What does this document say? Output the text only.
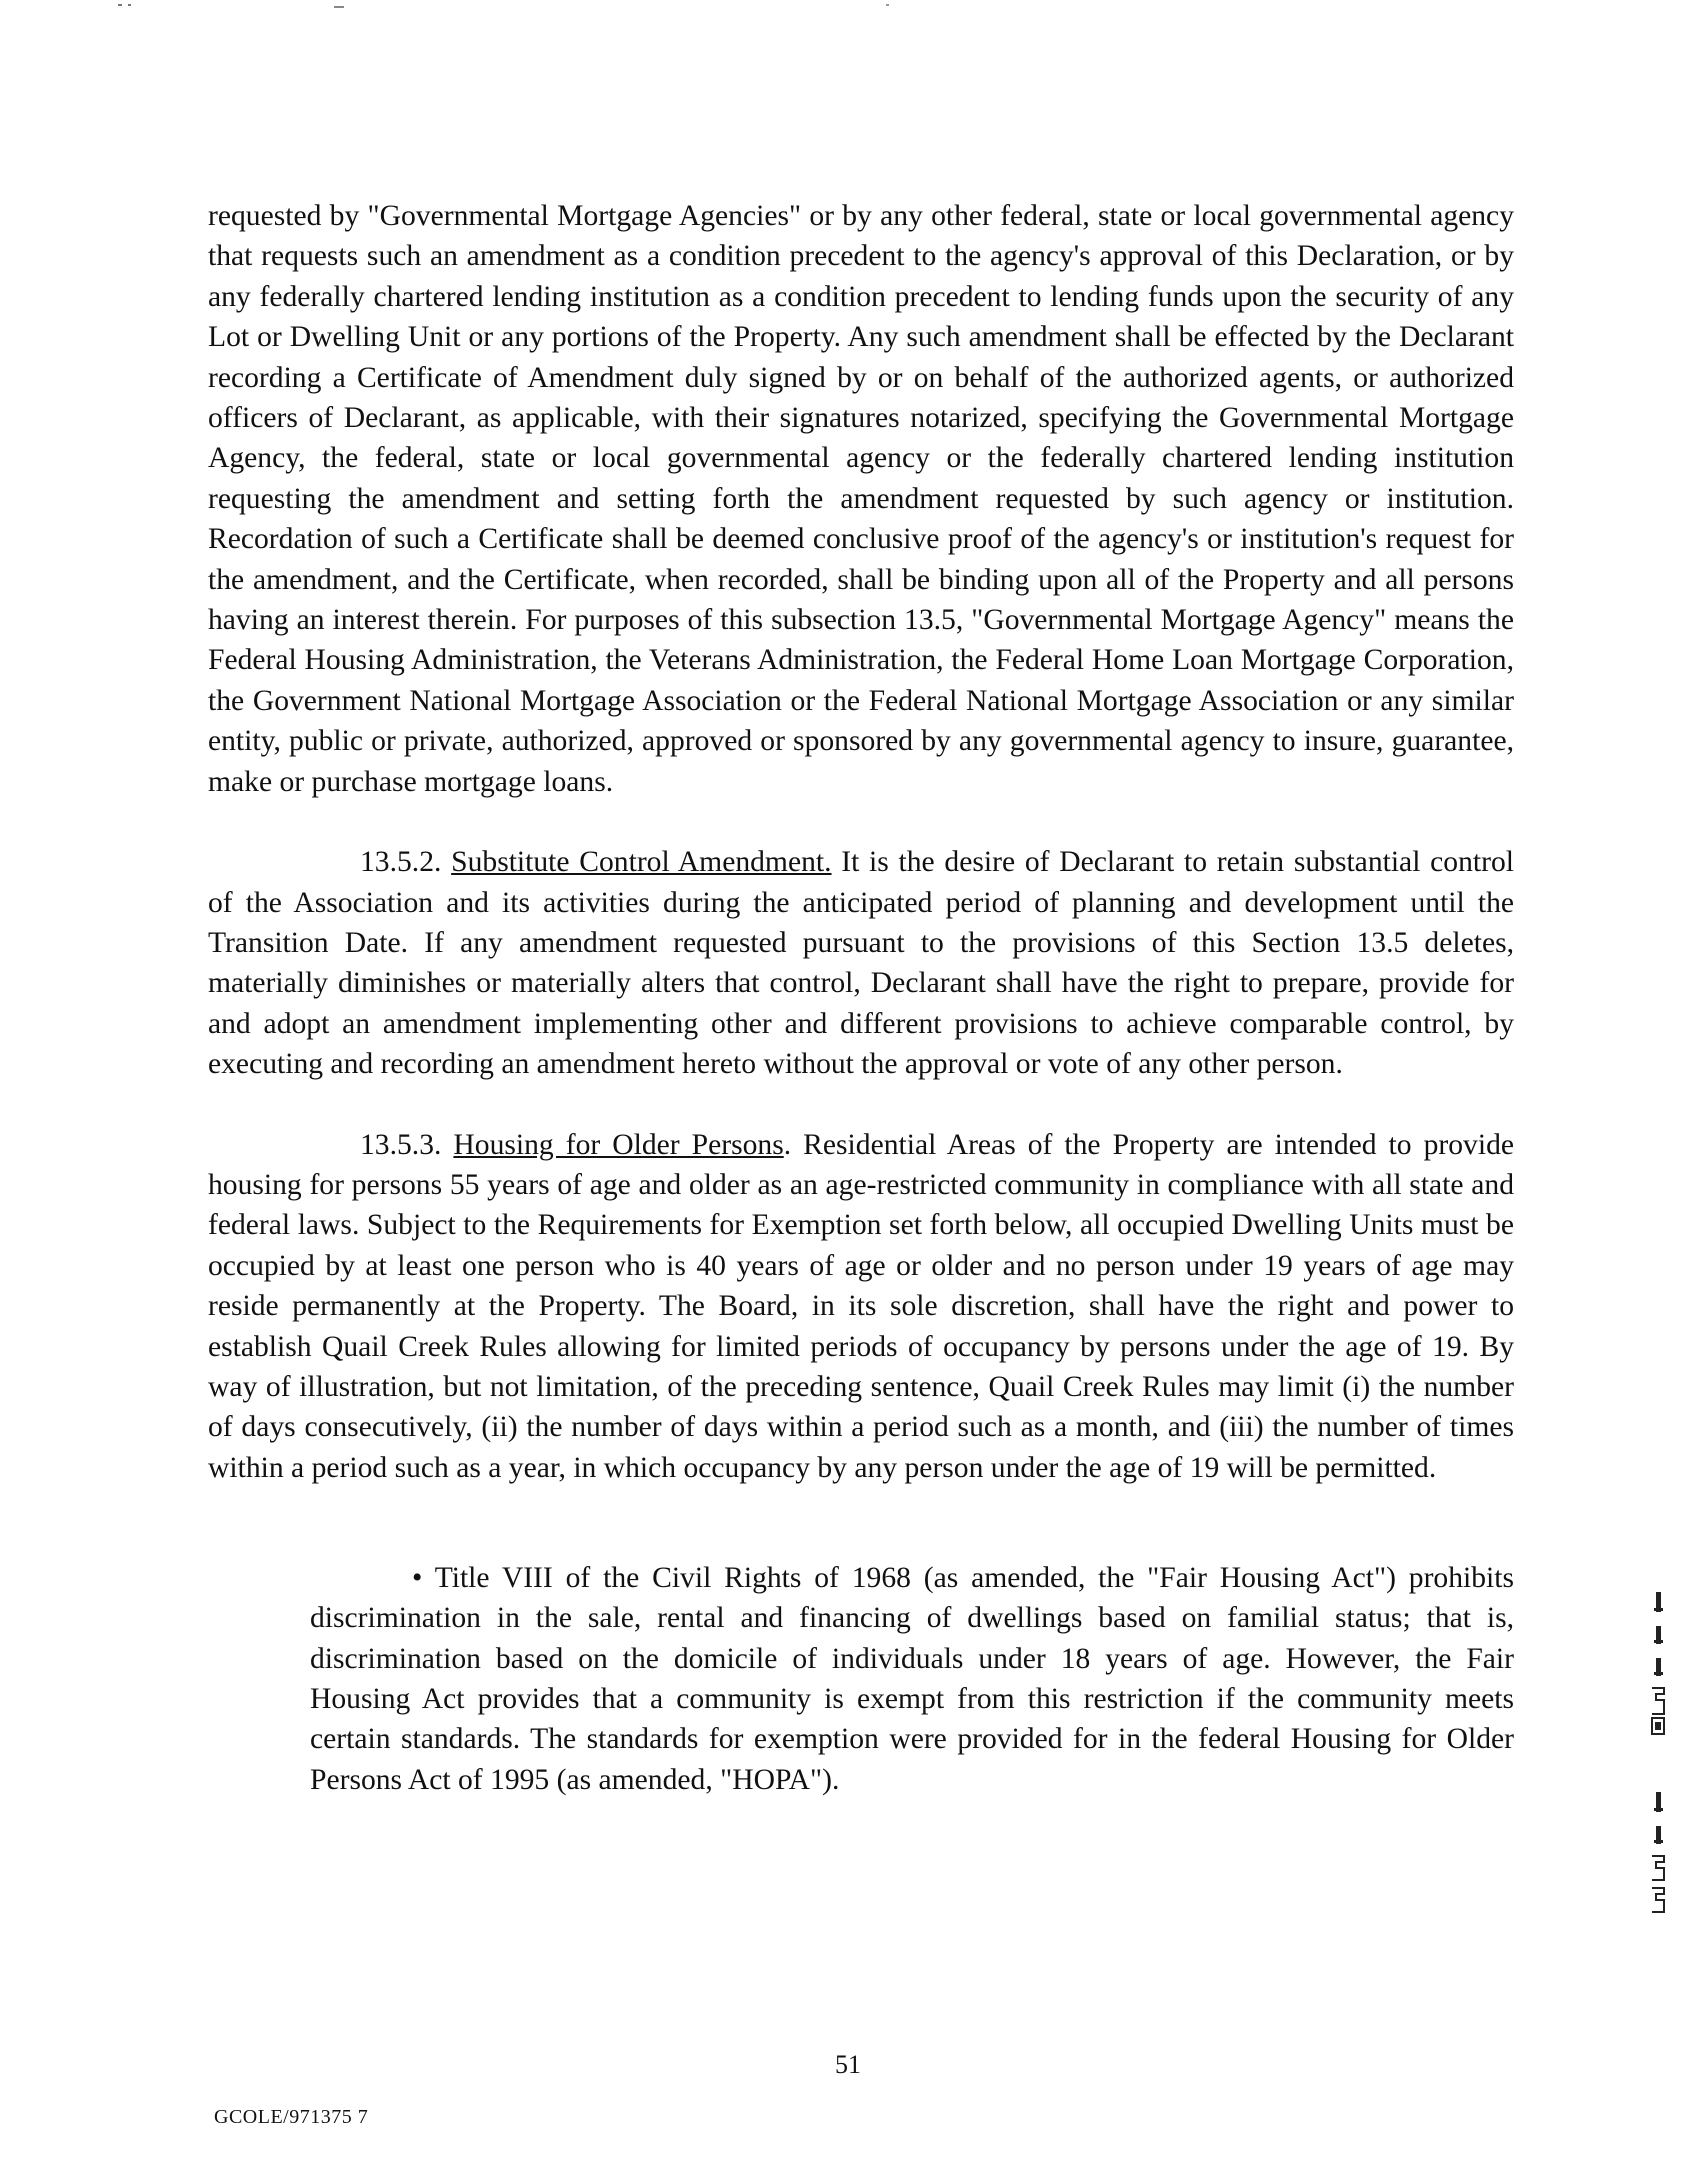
requested by "Governmental Mortgage Agencies" or by any other federal, state or local governmental agency that requests such an amendment as a condition precedent to the agency's approval of this Declaration, or by any federally chartered lending institution as a condition precedent to lending funds upon the security of any Lot or Dwelling Unit or any portions of the Property. Any such amendment shall be effected by the Declarant recording a Certificate of Amendment duly signed by or on behalf of the authorized agents, or authorized officers of Declarant, as applicable, with their signatures notarized, specifying the Governmental Mortgage Agency, the federal, state or local governmental agency or the federally chartered lending institution requesting the amendment and setting forth the amendment requested by such agency or institution. Recordation of such a Certificate shall be deemed conclusive proof of the agency's or institution's request for the amendment, and the Certificate, when recorded, shall be binding upon all of the Property and all persons having an interest therein. For purposes of this subsection 13.5, "Governmental Mortgage Agency" means the Federal Housing Administration, the Veterans Administration, the Federal Home Loan Mortgage Corporation, the Government National Mortgage Association or the Federal National Mortgage Association or any similar entity, public or private, authorized, approved or sponsored by any governmental agency to insure, guarantee, make or purchase mortgage loans.

13.5.2. Substitute Control Amendment. It is the desire of Declarant to retain substantial control of the Association and its activities during the anticipated period of planning and development until the Transition Date. If any amendment requested pursuant to the provisions of this Section 13.5 deletes, materially diminishes or materially alters that control, Declarant shall have the right to prepare, provide for and adopt an amendment implementing other and different provisions to achieve comparable control, by executing and recording an amendment hereto without the approval or vote of any other person.

13.5.3. Housing for Older Persons. Residential Areas of the Property are intended to provide housing for persons 55 years of age and older as an age-restricted community in compliance with all state and federal laws. Subject to the Requirements for Exemption set forth below, all occupied Dwelling Units must be occupied by at least one person who is 40 years of age or older and no person under 19 years of age may reside permanently at the Property. The Board, in its sole discretion, shall have the right and power to establish Quail Creek Rules allowing for limited periods of occupancy by persons under the age of 19. By way of illustration, but not limitation, of the preceding sentence, Quail Creek Rules may limit (i) the number of days consecutively, (ii) the number of days within a period such as a month, and (iii) the number of times within a period such as a year, in which occupancy by any person under the age of 19 will be permitted.

• Title VIII of the Civil Rights of 1968 (as amended, the "Fair Housing Act") prohibits discrimination in the sale, rental and financing of dwellings based on familial status; that is, discrimination based on the domicile of individuals under 18 years of age. However, the Fair Housing Act provides that a community is exempt from this restriction if the community meets certain standards. The standards for exemption were provided for in the federal Housing for Older Persons Act of 1995 (as amended, "HOPA").

51
GCOLE/971375 7
